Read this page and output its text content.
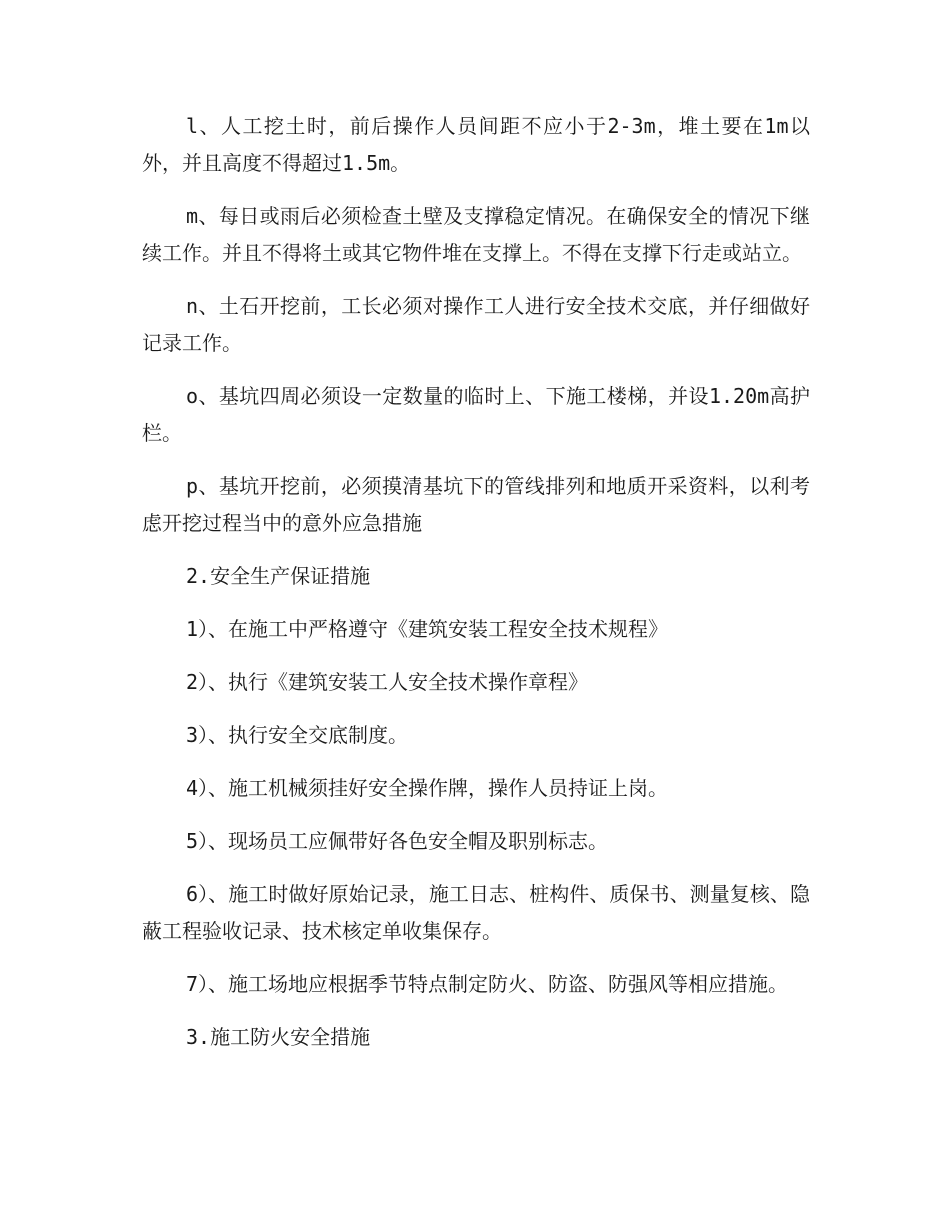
l、人工挖土时，前后操作人员间距不应小于2-3m，堆土要在1m以外，并且高度不得超过1.5m。

m、每日或雨后必须检查土壁及支撑稳定情况。在确保安全的情况下继续工作。并且不得将土或其它物件堆在支撑上。不得在支撑下行走或站立。

n、土石开挖前，工长必须对操作工人进行安全技术交底，并仔细做好记录工作。

o、基坑四周必须设一定数量的临时上、下施工楼梯，并设1.20m高护栏。

p、基坑开挖前，必须摸清基坑下的管线排列和地质开采资料，以利考虑开挖过程当中的意外应急措施

2.安全生产保证措施

1）、在施工中严格遵守《建筑安装工程安全技术规程》

2）、执行《建筑安装工人安全技术操作章程》

3）、执行安全交底制度。

4）、施工机械须挂好安全操作牌，操作人员持证上岗。

5）、现场员工应佩带好各色安全帽及职别标志。

6）、施工时做好原始记录，施工日志、桩构件、质保书、测量复核、隐蔽工程验收记录、技术核定单收集保存。

7）、施工场地应根据季节特点制定防火、防盗、防强风等相应措施。

3.施工防火安全措施
